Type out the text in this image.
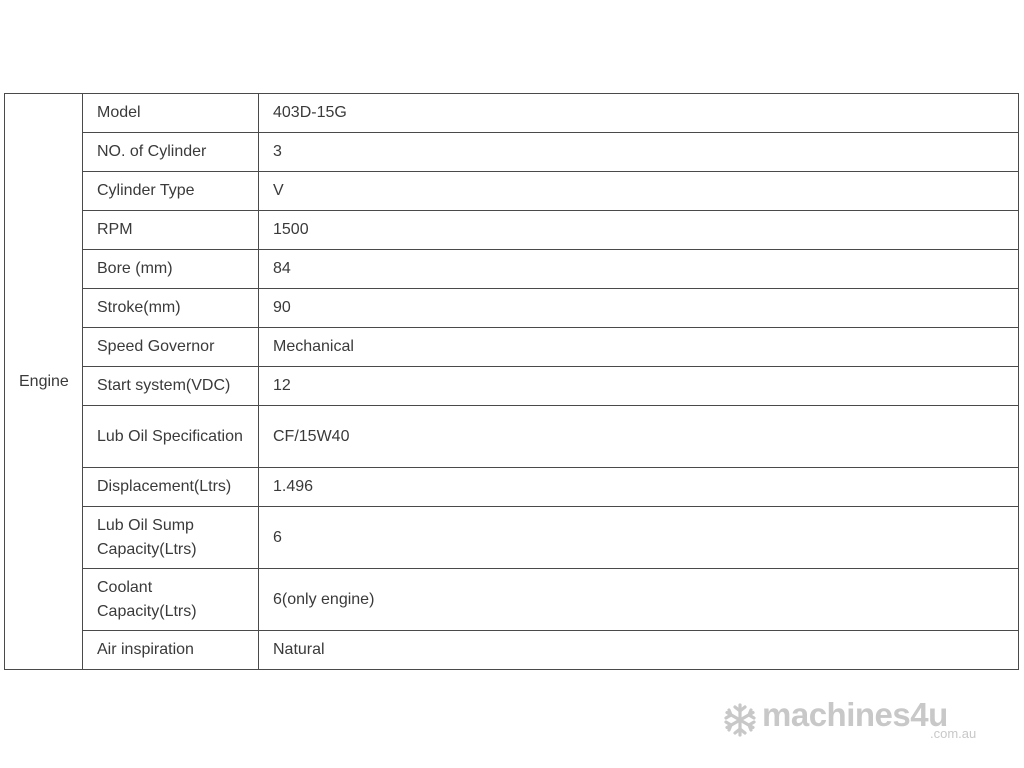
Engine	Model	403D-15G
	NO. of Cylinder	3
	Cylinder Type	V
	RPM	1500
	Bore (mm)	84
	Stroke(mm)	90
	Speed Governor	Mechanical
	Start system(VDC)	12
	Lub Oil Specification	CF/15W40
	Displacement(Ltrs)	1.496
	Lub Oil Sump Capacity(Ltrs)	6
	Coolant Capacity(Ltrs)	6(only engine)
	Air inspiration	Natural
machines4u
.com.au
